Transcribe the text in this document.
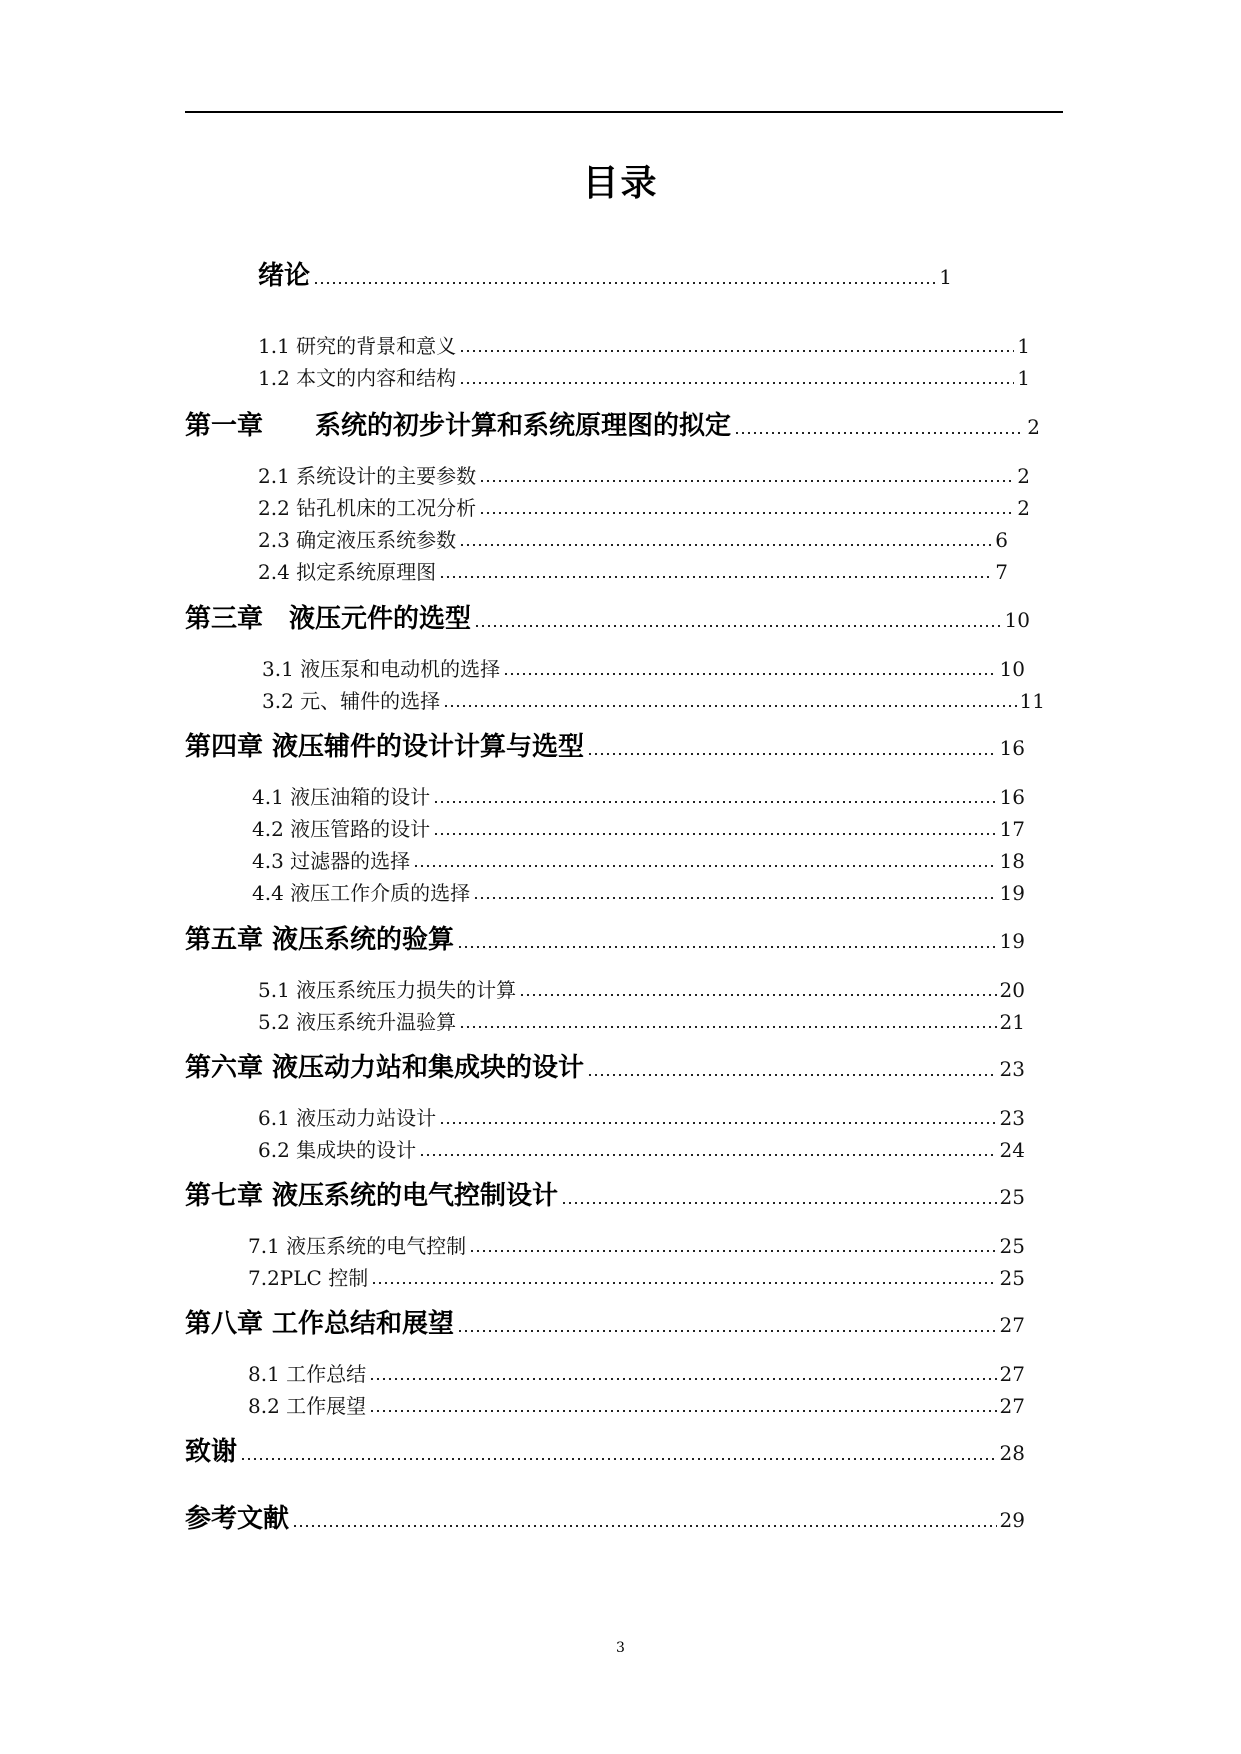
目录
绪论	1
1.1 研究的背景和意义	1
1.2 本文的内容和结构	1
第一章　　系统的初步计算和系统原理图的拟定	2
2.1 系统设计的主要参数	2
2.2 钻孔机床的工况分析	2
2.3 确定液压系统参数	6
2.4 拟定系统原理图	7
第三章　液压元件的选型	10
3.1 液压泵和电动机的选择	10
3.2 元、辅件的选择	11
第四章 液压辅件的设计计算与选型	16
4.1 液压油箱的设计	16
4.2 液压管路的设计	17
4.3 过滤器的选择	18
4.4 液压工作介质的选择	19
第五章 液压系统的验算	19
5.1 液压系统压力损失的计算	20
5.2 液压系统升温验算	21
第六章 液压动力站和集成块的设计	23
6.1 液压动力站设计	23
6.2 集成块的设计	24
第七章 液压系统的电气控制设计	25
7.1 液压系统的电气控制	25
7.2PLC 控制	25
第八章 工作总结和展望	27
8.1 工作总结	27
8.2 工作展望	27
致谢	28
参考文献	29
3
